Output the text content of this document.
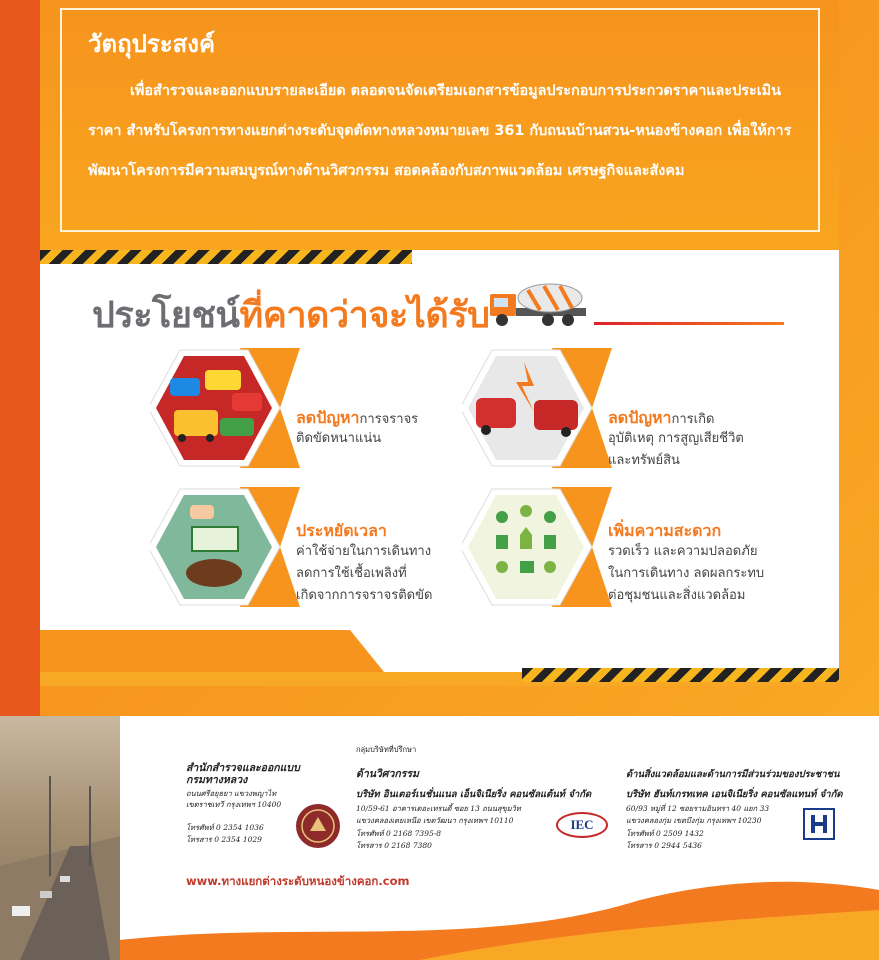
วัตถุประสงค์
เพื่อสำรวจและออกแบบรายละเอียด ตลอดจนจัดเตรียมเอกสารข้อมูลประกอบการประกวดราคาและประเมินราคา สำหรับโครงการทางแยกต่างระดับจุดตัดทางหลวงหมายเลข 361 กับถนนบ้านสวน-หนองข้างคอก เพื่อให้การพัฒนาโครงการมีความสมบูรณ์ทางด้านวิศวกรรม สอดคล้องกับสภาพแวดล้อม เศรษฐกิจและสังคม
ประโยชน์ที่คาดว่าจะได้รับ
ลดปัญหาการจราจร
ติดขัดหนาแน่น
ลดปัญหาการเกิด
อุบัติเหตุ การสูญเสียชีวิต
และทรัพย์สิน
ประหยัดเวลา
ค่าใช้จ่ายในการเดินทาง
ลดการใช้เชื้อเพลิงที่
เกิดจากการจราจรติดขัด
เพิ่มความสะดวก
รวดเร็ว และความปลอดภัย
ในการเดินทาง ลดผลกระทบ
ต่อชุมชนและสิ่งแวดล้อม
สำนักสำรวจและออกแบบ
กรมทางหลวง
ถนนศรีอยุธยา แขวงพญาไท
เขตราชเทวี กรุงเทพฯ 10400
โทรศัพท์ 0 2354 1036
โทรสาร 0 2354 1029
กลุ่มบริษัทที่ปรึกษา
ด้านวิศวกรรม
บริษัท อินเตอร์เนชั่นแนล เอ็นจิเนียริ่ง คอนซัลแต้นท์ จำกัด
10/59-61 อาคารเดอะเทรนดี้ ซอย 13 ถนนสุขุมวิท
แขวงคลองเตยเหนือ เขตวัฒนา กรุงเทพฯ 10110
โทรศัพท์ 0 2168 7395-8
โทรสาร 0 2168 7380
IEC
ด้านสิ่งแวดล้อมและด้านการมีส่วนร่วมของประชาชน
บริษัท ฮันท์เกรทเทค เอนจิเนียริ่ง คอนซัลแทนท์ จำกัด
60/93 หมู่ที่ 12 ซอยรามอินทรา 40 แยก 33
แขวงคลองกุ่ม เขตบึงกุ่ม กรุงเทพฯ 10230
โทรศัพท์ 0 2509 1432
โทรสาร 0 2944 5436
www.ทางแยกต่างระดับหนองข้างคอก.com
